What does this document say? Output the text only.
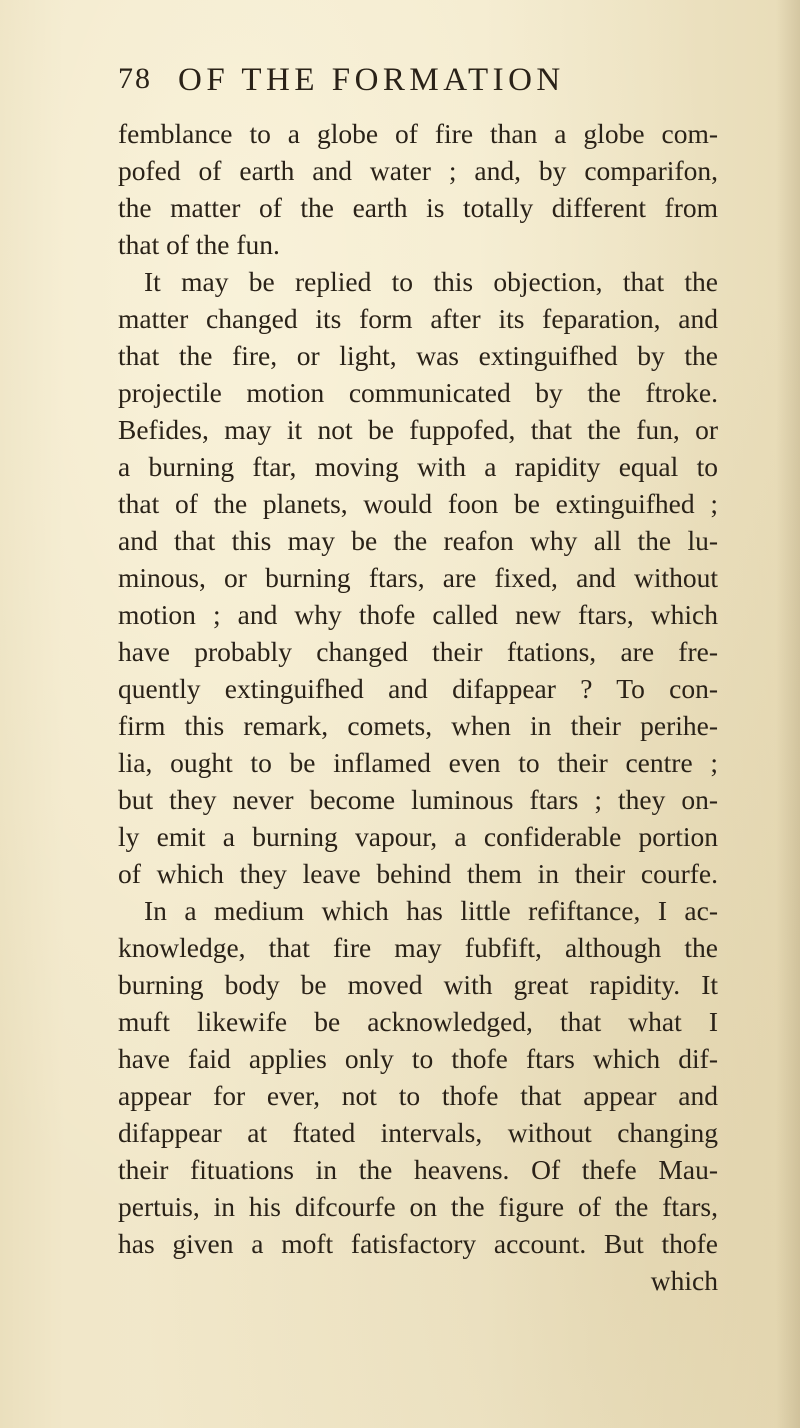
78 OF THE FORMATION
femblance to a globe of fire than a globe com-
pofed of earth and water ; and, by comparifon,
the matter of the earth is totally different from
that of the fun.
It may be replied to this objection, that the
matter changed its form after its feparation, and
that the fire, or light, was extinguifhed by the
projectile motion communicated by the ftroke.
Befides, may it not be fuppofed, that the fun, or
a burning ftar, moving with a rapidity equal to
that of the planets, would foon be extinguifhed ;
and that this may be the reafon why all the lu-
minous, or burning ftars, are fixed, and without
motion ; and why thofe called new ftars, which
have probably changed their ftations, are fre-
quently extinguifhed and difappear ? To con-
firm this remark, comets, when in their perihe-
lia, ought to be inflamed even to their centre ;
but they never become luminous ftars ; they on-
ly emit a burning vapour, a confiderable portion
of which they leave behind them in their courfe.
In a medium which has little refiftance, I ac-
knowledge, that fire may fubfift, although the
burning body be moved with great rapidity. It
muft likewife be acknowledged, that what I
have faid applies only to thofe ftars which dif-
appear for ever, not to thofe that appear and
difappear at ftated intervals, without changing
their fituations in the heavens. Of thefe Mau-
pertuis, in his difcourfe on the figure of the ftars,
has given a moft fatisfactory account. But thofe
which
